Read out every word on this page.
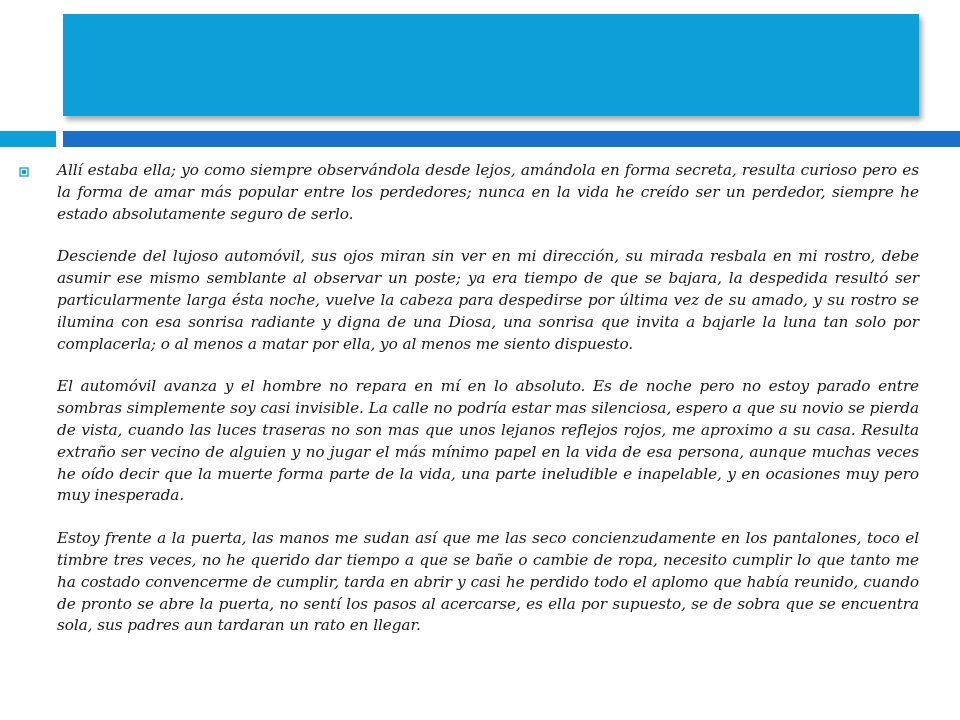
Allí estaba ella; yo como siempre observándola desde lejos, amándola en forma secreta, resulta curioso pero es la forma de amar más popular entre los perdedores; nunca en la vida he creído ser un perdedor, siempre he estado absolutamente seguro de serlo.

Desciende del lujoso automóvil, sus ojos miran sin ver en mi dirección, su mirada resbala en mi rostro, debe asumir ese mismo semblante al observar un poste; ya era tiempo de que se bajara, la despedida resultó ser particularmente larga ésta noche, vuelve la cabeza para despedirse por última vez de su amado, y su rostro se ilumina con esa sonrisa radiante y digna de una Diosa, una sonrisa que invita a bajarle la luna tan solo por complacerla; o al menos a matar por ella, yo al menos me siento dispuesto.

El automóvil avanza y el hombre no repara en mí en lo absoluto. Es de noche pero no estoy parado entre sombras simplemente soy casi invisible. La calle no podría estar mas silenciosa, espero a que su novio se pierda de vista, cuando las luces traseras no son mas que unos lejanos reflejos rojos, me aproximo a su casa. Resulta extraño ser vecino de alguien y no jugar el más mínimo papel en la vida de esa persona, aunque muchas veces he oído decir que la muerte forma parte de la vida, una parte ineludible e inapelable, y en ocasiones muy pero muy inesperada.

Estoy frente a la puerta, las manos me sudan así que me las seco concienzudamente en los pantalones, toco el timbre tres veces, no he querido dar tiempo a que se bañe o cambie de ropa, necesito cumplir lo que tanto me ha costado convencerme de cumplir, tarda en abrir y casi he perdido todo el aplomo que había reunido, cuando de pronto se abre la puerta, no sentí los pasos al acercarse, es ella por supuesto, se de sobra que se encuentra sola, sus padres aun tardaran un rato en llegar.
